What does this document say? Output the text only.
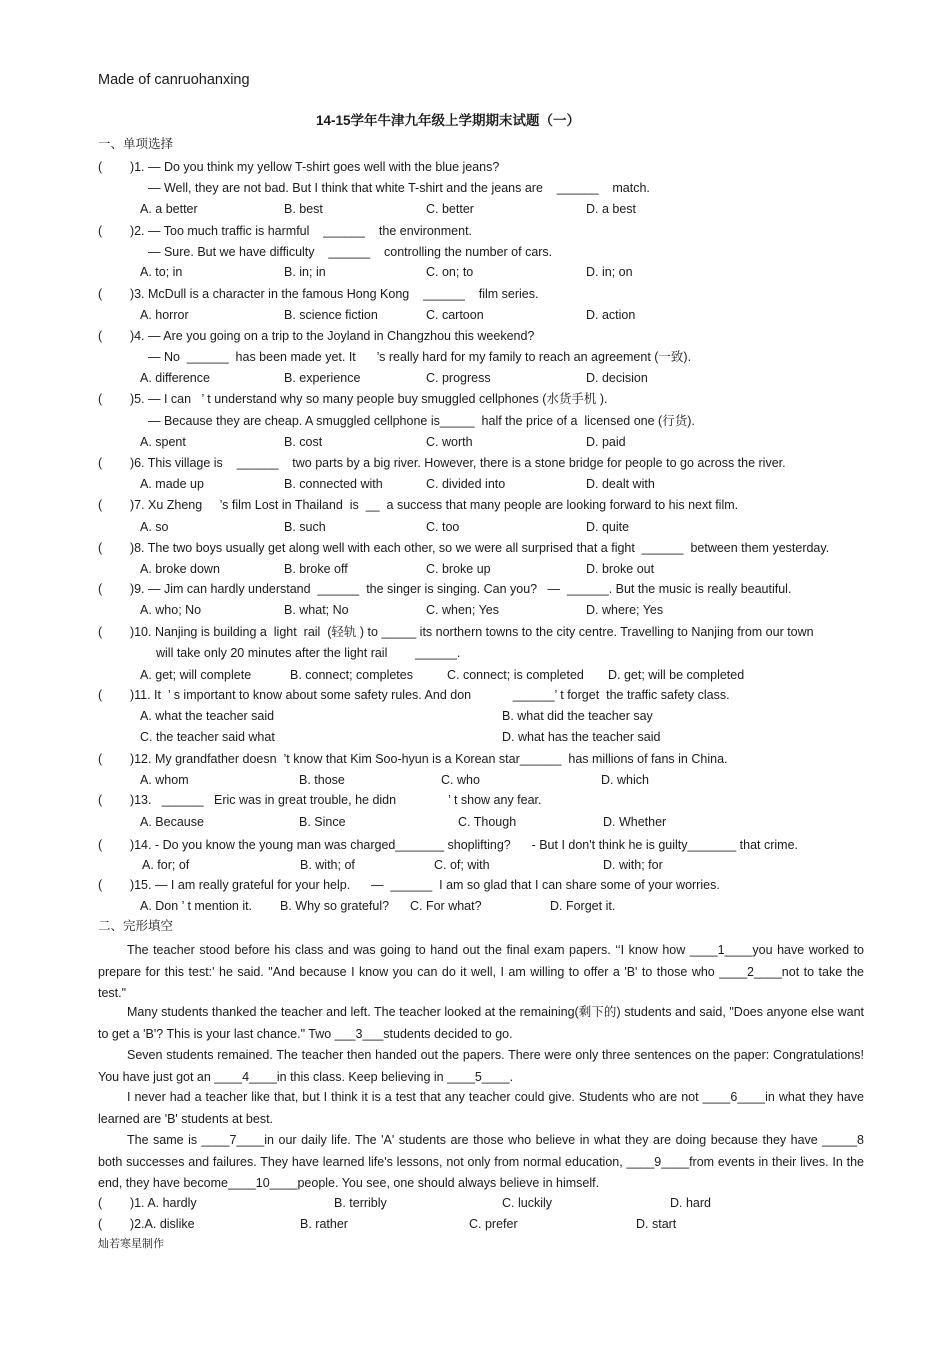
Made of canruohanxing
14-15学年牛津九年级上学期期末试题（一）
一、单项选择
(        )1. — Do you think my yellow T-shirt goes well with the blue jeans?
— Well, they are not bad. But I think that white T-shirt and the jeans are    ______    match.
A. a better	B. best	C. better	D. a best
(        )2. — Too much traffic is harmful    ______    the environment.
— Sure. But we have difficulty    ______    controlling the number of cars.
A. to; in	B. in; in	C. on; to	D. in; on
(        )3. McDull is a character in the famous Hong Kong    ______    film series.
A. horror	B. science fiction	C. cartoon	D. action
(        )4. — Are you going on a trip to the Joyland in Changzhou this weekend?
— No  ______  has been made yet. It      ’s really hard for my family to reach an agreement (一致).
A. difference	B. experience	C. progress	D. decision
(        )5. — I can   ’ t understand why so many people buy smuggled cellphones (水货手机 ).
— Because they are cheap. A smuggled cellphone is_____  half the price of a  licensed one (行货).
A. spent	B. cost	C. worth	D. paid
(        )6. This village is    ______    two parts by a big river. However, there is a stone bridge for people to go across the river.
A. made up	B. connected with	C. divided into	D. dealt with
(        )7. Xu Zheng     ’s film Lost in Thailand  is  __  a success that many people are looking forward to his next film.
A. so	B. such	C. too	D. quite
(        )8. The two boys usually get along well with each other, so we were all surprised that a fight  ______  between them yesterday.
A. broke down	B. broke off	C. broke up	D. broke out
(        )9. — Jim can hardly understand  ______  the singer is singing. Can you?   —  ______. But the music is really beautiful.
A. who; No	B. what; No	C. when; Yes	D. where; Yes
(        )10. Nanjing is building a  light  rail  (轻轨 ) to _____ its northern towns to the city centre. Travelling to Nanjing from our town
will take only 20 minutes after the light rail        ______.
A. get; will complete	B. connect; completes	C. connect; is completed D. get; will be completed
(        )11. It  ’ s important to know about some safety rules. And don            ______’ t forget  the traffic safety class.
A. what the teacher said	B. what did the teacher say
C. the teacher said what	D. what has the teacher said
(        )12. My grandfather doesn  ’t know that Kim Soo-hyun is a Korean star______  has millions of fans in China.
A. whom	B. those	C. who	D. which
(        )13.   ______   Eric was in great trouble, he didn               ’ t show any fear.
A. Because	B. Since	C. Though	D. Whether
(        )14. - Do you know the young man was charged_______ shoplifting?      - But I don't think he is guilty_______ that crime.
A. for; of	B. with; of	C. of; with	D. with; for
(        )15. — I am really grateful for your help.      —  ______  I am so glad that I can share some of your worries.
A. Don ’ t mention it. B. Why so grateful? C. For what?	D. Forget it.
二、完形填空
The teacher stood before his class and was going to hand out the final exam papers. ‘‘I know how ____1____you have worked to prepare for this test:' he said. "And because I know you can do it well, I am willing to offer a 'B' to those who ____2____not to take the test."
Many students thanked the teacher and left. The teacher looked at the remaining(剩下的) students and said, "Does anyone else want to get a 'B'? This is your last chance." Two ___3___students decided to go.
Seven students remained. The teacher then handed out the papers. There were only three sentences on the paper: Congratulations! You have just got an ____4____in this class. Keep believing in ____5____.
I never had a teacher like that, but I think it is a test that any teacher could give. Students who are not ____6____in what they have learned are 'B' students at best.
The same is ____7____in our daily life. The 'A' students are those who believe in what they are doing because they have _____8 both successes and failures. They have learned life's lessons, not only from normal education, ____9____from events in their lives. In the end, they have become____10____people. You see, one should always believe in himself.
(        )1. A. hardly	B. terribly	C. luckily	D. hard
(        )2.A. dislike	B. rather	C. prefer	D. start
灿若寒星制作
